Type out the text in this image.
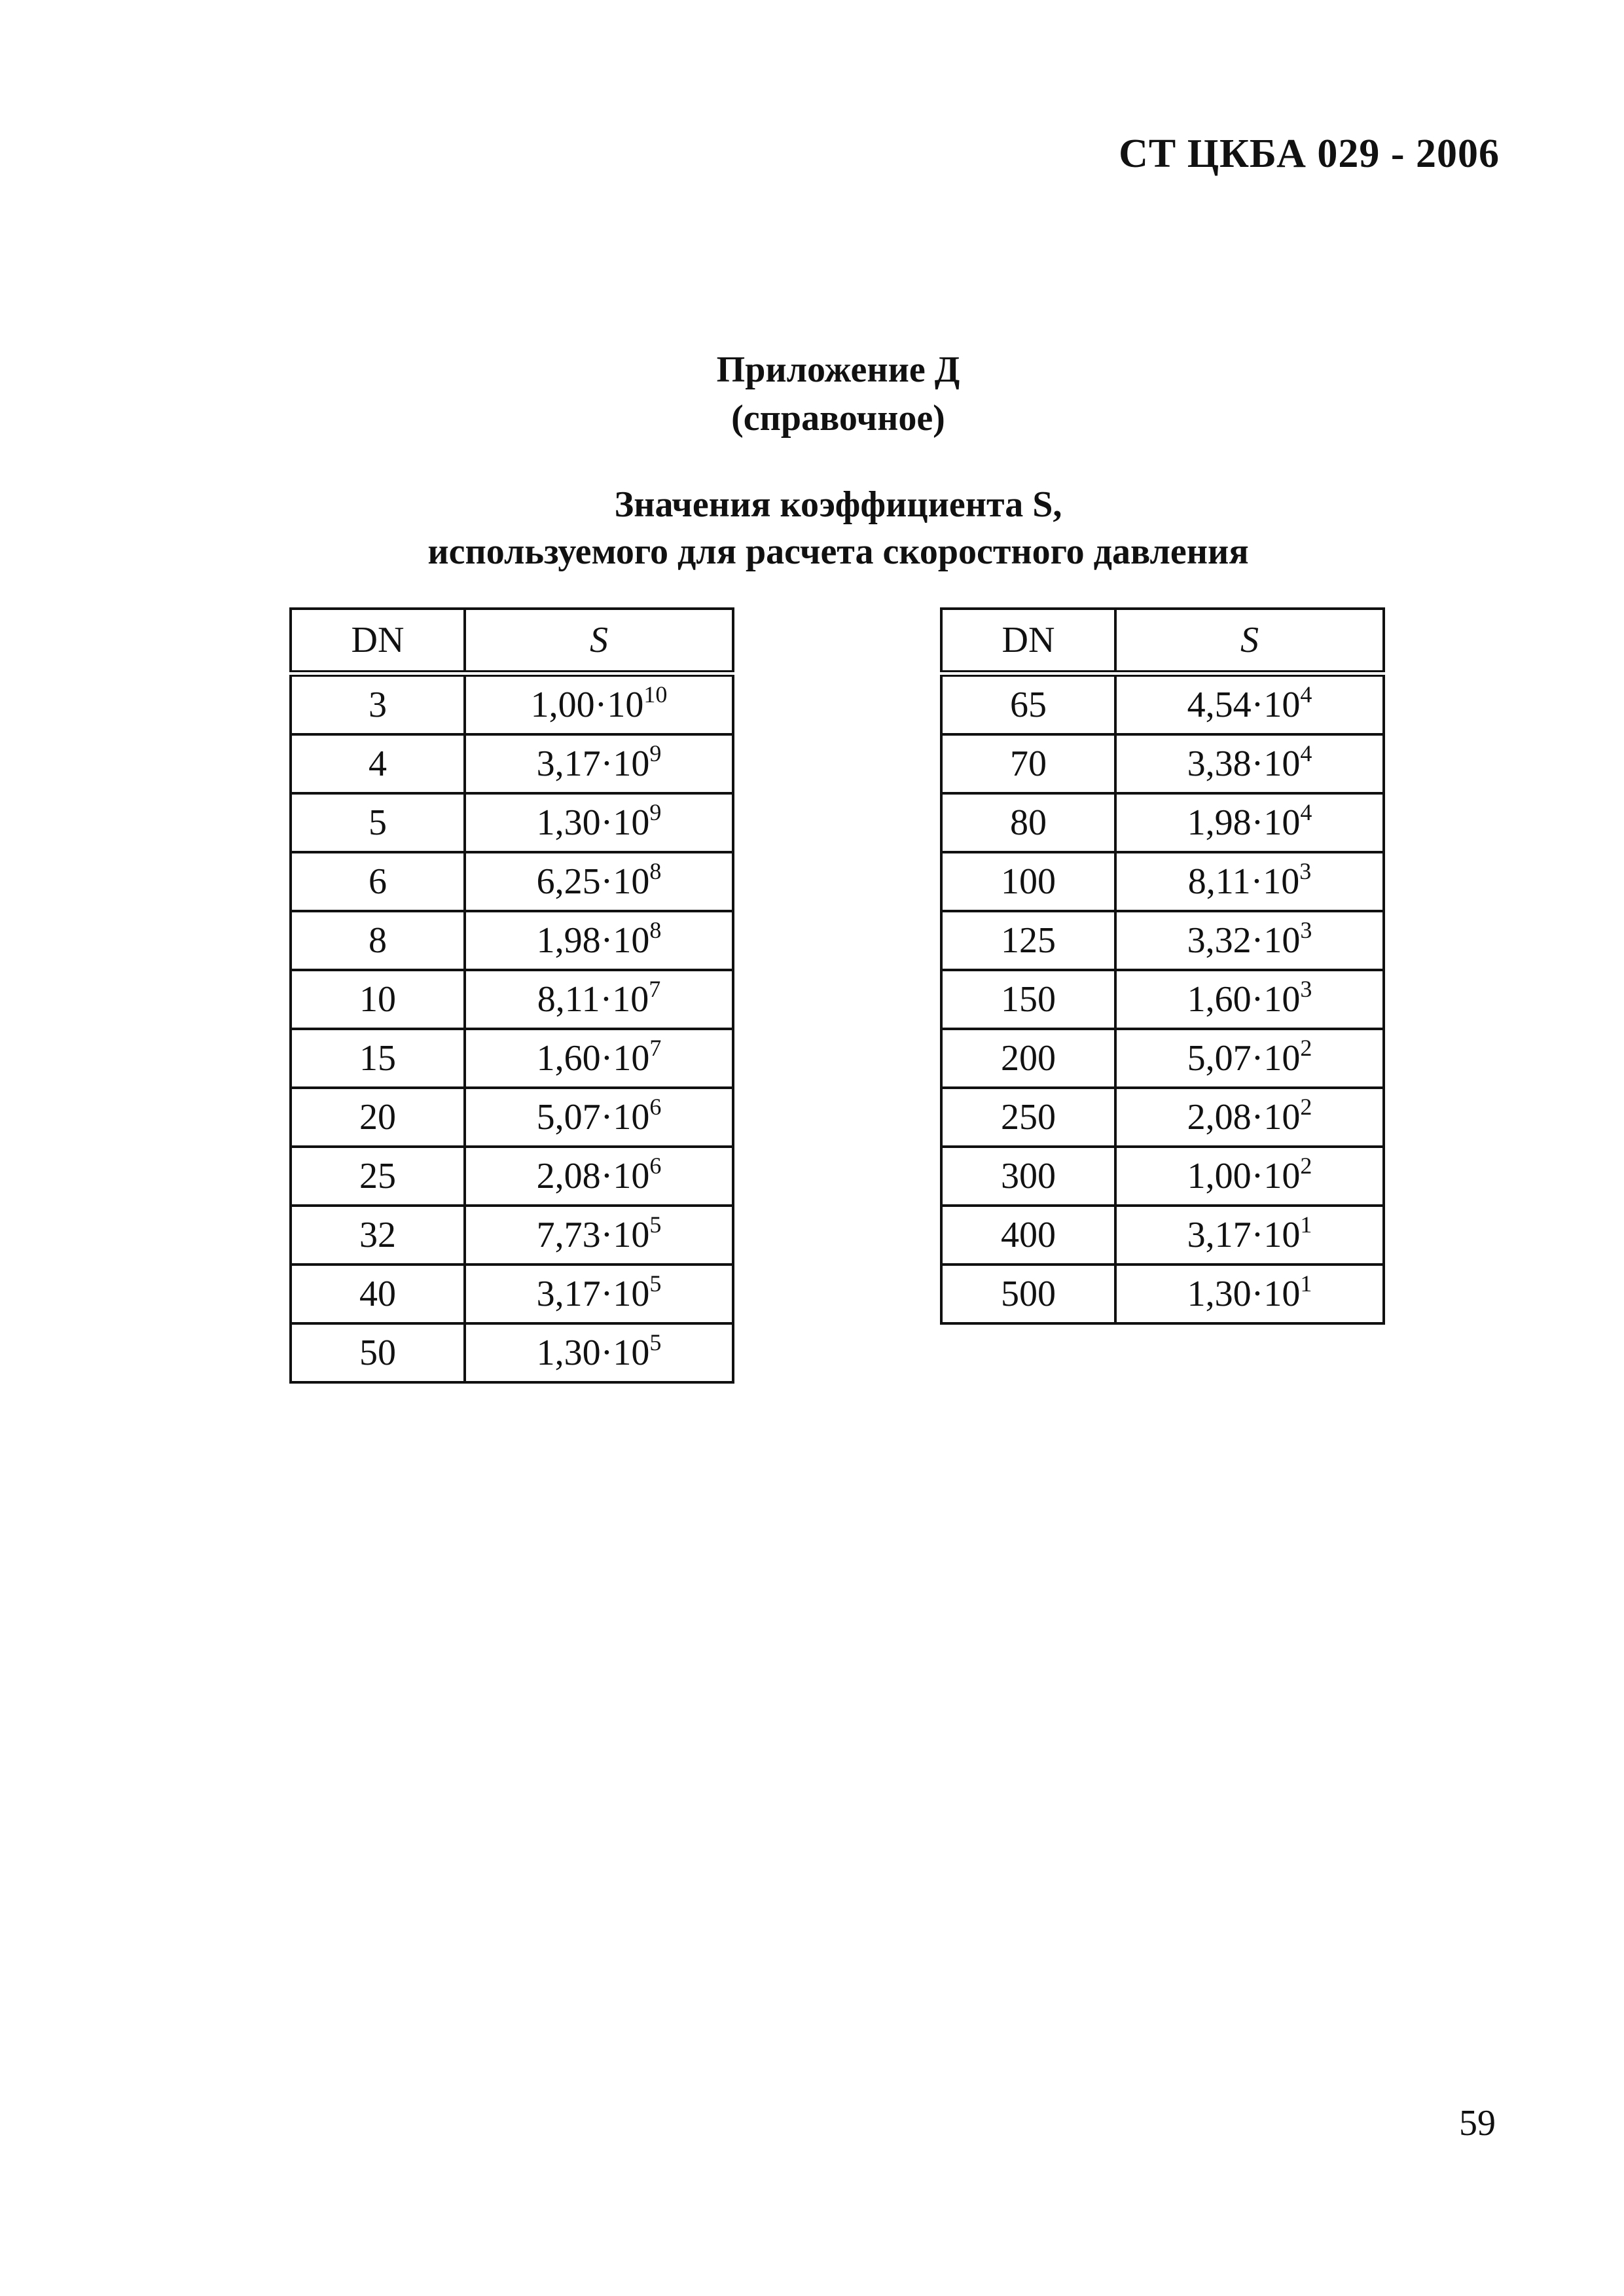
СТ ЦКБА 029 - 2006
Приложение Д
(справочное)
Значения коэффициента S,
используемого для расчета скоростного давления
DN	S
3	$1,00\cdot 10^{10}$
4	$3,17\cdot 10^9$
5	$1,30\cdot 10^9$
6	$6,25\cdot 10^8$
8	$1,98\cdot 10^8$
10	$8,11\cdot 10^7$
15	$1,60\cdot 10^7$
20	$5,07\cdot 10^6$
25	$2,08\cdot 10^6$
32	$7,73\cdot 10^5$
40	$3,17\cdot 10^5$
50	$1,30\cdot 10^5$
DN	S
65	$4,54\cdot 10^4$
70	$3,38\cdot 10^4$
80	$1,98\cdot 10^4$
100	$8,11\cdot 10^3$
125	$3,32\cdot 10^3$
150	$1,60\cdot 10^3$
200	$5,07\cdot 10^2$
250	$2,08\cdot 10^2$
300	$1,00\cdot 10^2$
400	$3,17\cdot 10^1$
500	$1,30\cdot 10^1$
59
